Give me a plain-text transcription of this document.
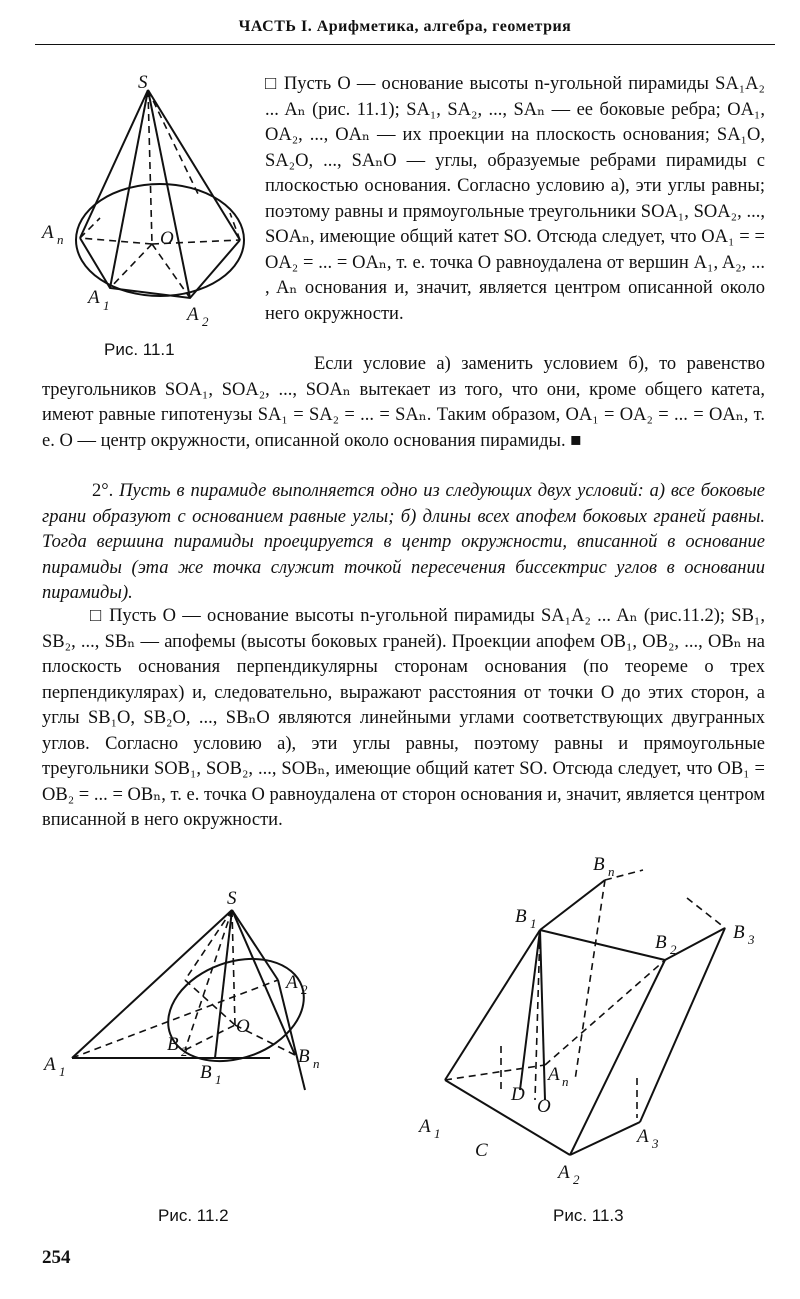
ЧАСТЬ I. Арифметика, алгебра, геометрия
S
A n	O
A 1	A 2
Рис. 11.1

□ Пусть O — основание высоты n-угольной пирамиды SA₁A₂ ... Aₙ (рис. 11.1); SA₁, SA₂, ..., SAₙ — ее боковые ребра; OA₁, OA₂, ..., OAₙ — их проекции на плоскость основания; SA₁O, SA₂O, ..., SAₙO — углы, образуемые ребрами пирамиды с плоскостью основания. Согласно условию а), эти углы равны; поэтому равны и прямоугольные треугольники SOA₁, SOA₂, ..., SOAₙ, имеющие общий катет SO. Отсюда следует, что OA₁ = = OA₂ = ... = OAₙ, т. е. точка O равноудалена от вершин A₁, A₂, ... , Aₙ основания и, значит, является центром описанной около него окружности.

Если условие а) заменить условием б), то равенство треугольников SOA₁, SOA₂, ..., SOAₙ вытекает из того, что они, кроме общего катета, имеют равные гипотенузы SA₁ = SA₂ = ... = SAₙ. Таким образом, OA₁ = OA₂ = ... = OAₙ, т. е. O — центр окружности, описанной около основания пирамиды. ■

2°. Пусть в пирамиде выполняется одно из следующих двух условий: а) все боковые грани образуют с основанием равные углы; б) длины всех апофем боковых граней равны. Тогда вершина пирамиды проецируется в центр окружности, вписанной в основание пирамиды (эта же точка служит точкой пересечения биссектрис углов в основании пирамиды).

□ Пусть O — основание высоты n-угольной пирамиды SA₁A₂ ... Aₙ (рис.11.2); SB₁, SB₂, ..., SBₙ — апофемы (высоты боковых граней). Проекции апофем OB₁, OB₂, ..., OBₙ на плоскость основания перпендикулярны сторонам основания (по теореме о трех перпендикулярах) и, следовательно, выражают расстояния от точки O до этих сторон, а углы SB₁O, SB₂O, ..., SBₙO являются линейными углами соответствующих двугранных углов. Согласно условию а), эти углы равны, поэтому равны и прямоугольные треугольники SOB₁, SOB₂, ..., SOBₙ, имеющие общий катет SO. Отсюда следует, что OB₁ = OB₂ = ... = OBₙ, т. е. точка O равноудалена от сторон основания и, значит, является центром вписанной в него окружности.

S
A 2
B 2	B n
O
A 1	B 1
Рис. 11.2
B n
B 1
B 2
B 3
A n
D
O
A 1
C
A 3
A 2
Рис. 11.3
254
